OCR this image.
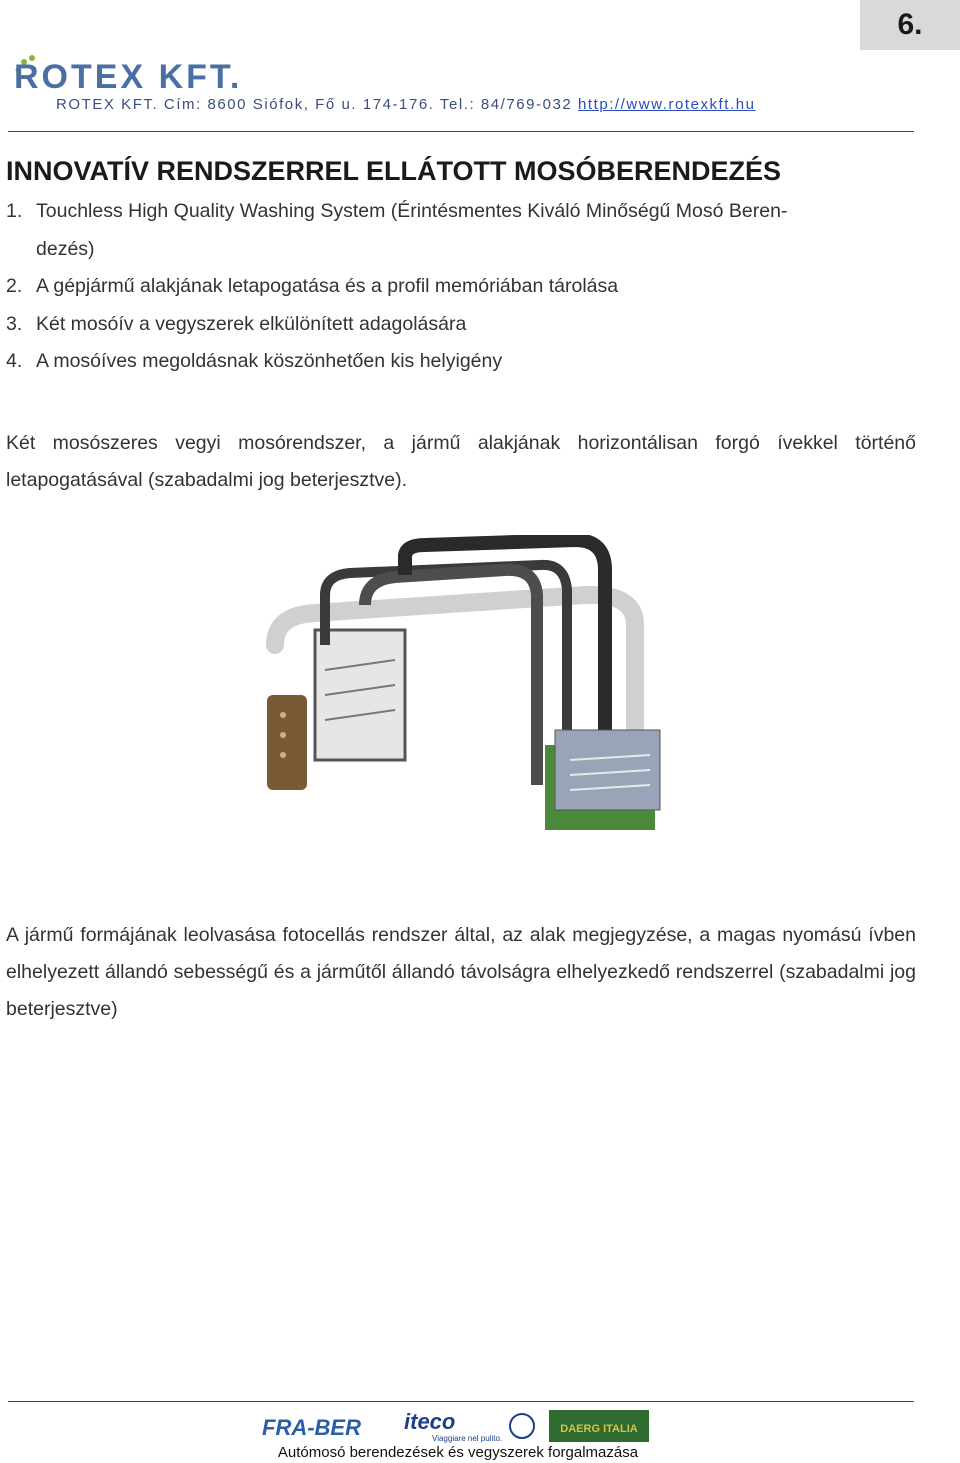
6.
ROTEX KFT.
ROTEX KFT. Cím: 8600 Siófok, Fő u. 174-176. Tel.: 84/769-032 http://www.rotexkft.hu
INNOVATÍV RENDSZERREL ELLÁTOTT MOSÓBERENDEZÉS
1. Touchless High Quality Washing System (Érintésmentes Kiváló Minőségű Mosó Beren-
dezés)
2. A gépjármű alakjának letapogatása és a profil memóriában tárolása
3. Két mosóív a vegyszerek elkülönített adagolására
4. A mosóíves megoldásnak köszönhetően kis helyigény

Két mosószeres vegyi mosórendszer, a jármű alakjának horizontálisan forgó ívekkel történő letapogatásával (szabadalmi jog beterjesztve).

A jármű formájának leolvasása fotocellás rendszer által, az alak megjegyzése, a magas nyomású ívben elhelyezett állandó sebességű és a járműtől állandó távolságra elhelyezkedő rendszerrel (szabadalmi jog beterjesztve)

FRA-BER iteco
Viaggiare nel pulito.
DAERG ITALIA
Autómosó berendezések és vegyszerek forgalmazása
